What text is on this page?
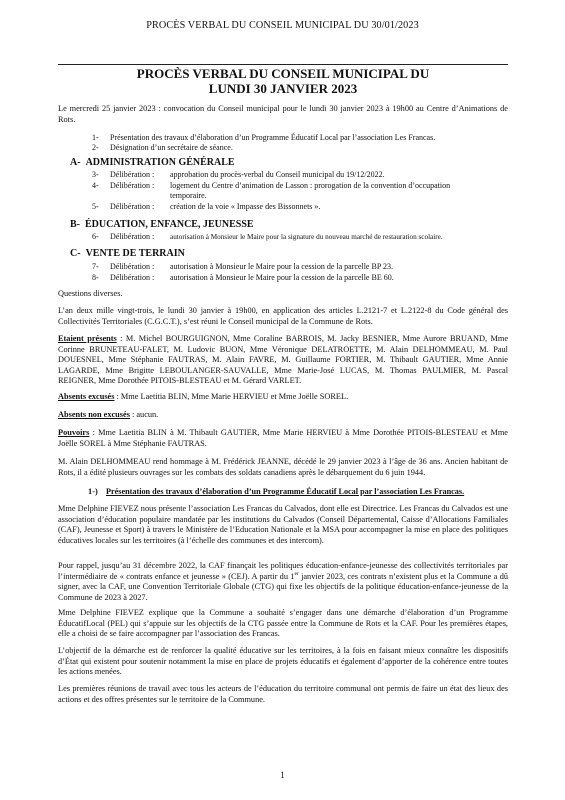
PROCÈS VERBAL DU CONSEIL MUNICIPAL DU 30/01/2023
PROCÈS VERBAL DU CONSEIL MUNICIPAL DU
LUNDI 30 JANVIER 2023
Le mercredi 25 janvier 2023 : convocation du Conseil municipal pour le lundi 30 janvier 2023 à 19h00 au Centre d’Animations de Rots.
1- Présentation des travaux d’élaboration d’un Programme Éducatif Local par l’association Les Francas.
2- Désignation d’un secrétaire de séance.
A- ADMINISTRATION GÉNÉRALE
3- Délibération : approbation du procès-verbal du Conseil municipal du 19/12/2022.
4- Délibération : logement du Centre d’animation de Lasson : prorogation de la convention d’occupation
temporaire.
5- Délibération : création de la voie « Impasse des Bissonnets ».
B- ÉDUCATION, ENFANCE, JEUNESSE
6- Délibération : autorisation à Monsieur le Maire pour la signature du nouveau marché de restauration scolaire.
C- VENTE DE TERRAIN
7- Délibération : autorisation à Monsieur le Maire pour la cession de la parcelle BP 23.
8- Délibération : autorisation à Monsieur le Maire pour la cession de la parcelle BE 60.
Questions diverses.
L’an deux mille vingt-trois, le lundi 30 janvier à 19h00, en application des articles L.2121-7 et L.2122-8 du Code général des Collectivités Territoriales (C.G.C.T.), s’est réuni le Conseil municipal de la Commune de Rots.
Etaient présents : M. Michel BOURGUIGNON, Mme Coraline BARROIS, M. Jacky BESNIER, Mme Aurore BRUAND, Mme Corinne BRUNETEAU-FALET, M. Ludovic BUON, Mme Véronique DELATROETTE, M. Alain DELHOMMEAU, M. Paul DOUESNEL, Mme Stéphanie FAUTRAS, M. Alain FAVRE, M. Guillaume FORTIER, M. Thibault GAUTIER, Mme Annie LAGARDE, Mme Brigitte LEBOULANGER-SAUVALLE, Mme Marie-José LUCAS, M. Thomas PAULMIER, M. Pascal REIGNER, Mme Dorothée PITOIS-BLESTEAU et M. Gérard VARLET.
Absents excusés : Mme Laetitia BLIN, Mme Marie HERVIEU et Mme Joëlle SOREL.
Absents non excusés : aucun.
Pouvoirs : Mme Laetitia BLIN à M. Thibault GAUTIER, Mme Marie HERVIEU à Mme Dorothée PITOIS-BLESTEAU et Mme Joëlle SOREL à Mme Stéphanie FAUTRAS.
M. Alain DELHOMMEAU rend hommage à M. Frédérick JEANNE, décédé le 29 janvier 2023 à l’âge de 36 ans. Ancien habitant de Rots, il a édité plusieurs ouvrages sur les combats des soldats canadiens après le débarquement du 6 juin 1944.
1-) Présentation des travaux d’élaboration d’un Programme Éducatif Local par l’association Les Francas.
Mme Delphine FIEVEZ nous présente l’association Les Francas du Calvados, dont elle est Directrice. Les Francas du Calvados est une association d’éducation populaire mandatée par les institutions du Calvados (Conseil Départemental, Caisse d’Allocations Familiales (CAF), Jeunesse et Sport) à travers le Ministère de l’Education Nationale et la MSA pour accompagner la mise en place des politiques éducatives locales sur les territoires (à l’échelle des communes et des intercom).
Pour rappel, jusqu’au 31 décembre 2022, la CAF finançait les politiques éducation-enfance-jeunesse des collectivités territoriales par l’intermédiaire de « contrats enfance et jeunesse » (CEJ). A partir du 1er janvier 2023, ces contrats n’existent plus et la Commune a dû signer, avec la CAF, une Convention Territoriale Globale (CTG) qui fixe les objectifs de la politique éducation-enfance-jeunesse de la Commune de 2023 à 2027.
Mme Delphine FIEVEZ explique que la Commune a souhaité s’engager dans une démarche d’élaboration d’un Programme ÉducatifLocal (PEL) qui s’appuie sur les objectifs de la CTG passée entre la Commune de Rots et la CAF. Pour les premières étapes, elle a choisi de se faire accompagner par l’association des Francas.
L’objectif de la démarche est de renforcer la qualité éducative sur les territoires, à la fois en faisant mieux connaître les dispositifs d’État qui existent pour soutenir notamment la mise en place de projets éducatifs et également d’apporter de la cohérence entre toutes les actions menées.
Les premières réunions de travail avec tous les acteurs de l’éducation du territoire communal ont permis de faire un état des lieux des actions et des offres présentes sur le territoire de la Commune.
1
